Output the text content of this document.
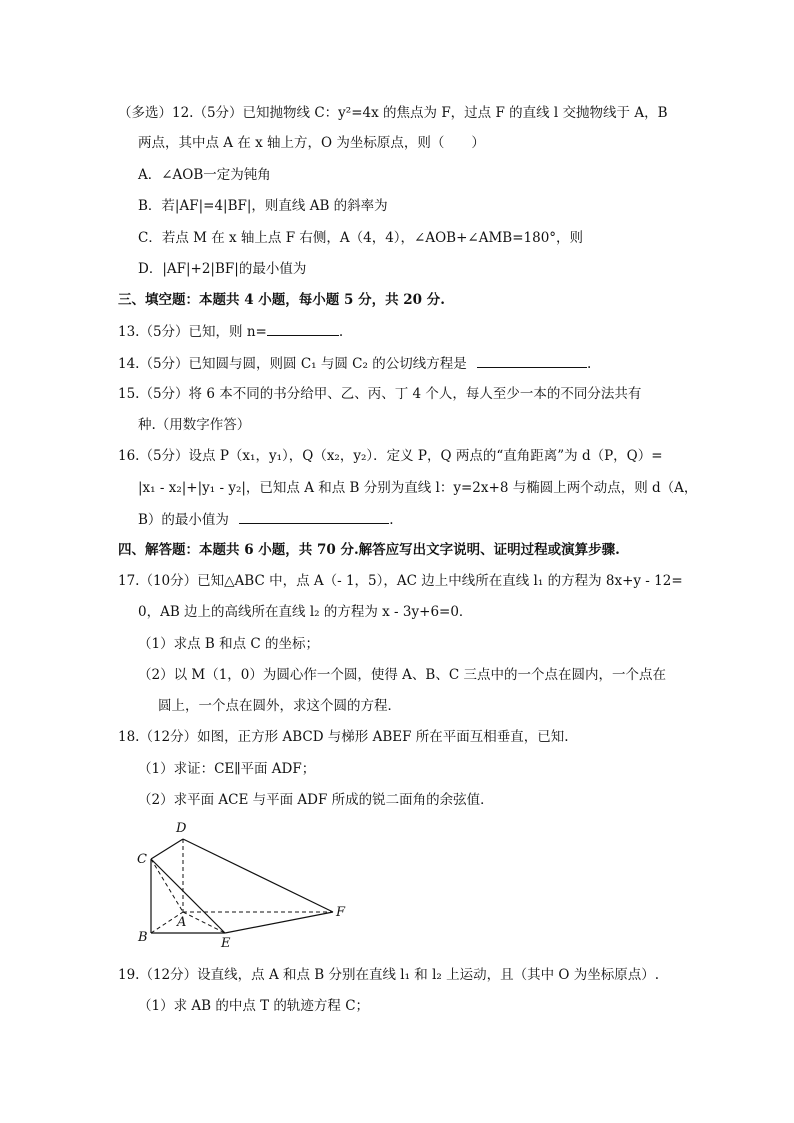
（多选）12.（5分）已知抛物线 C：y²=4x 的焦点为 F，过点 F 的直线 l 交抛物线于 A，B
两点，其中点 A 在 x 轴上方，O 为坐标原点，则（　　）
A．∠AOB一定为钝角
B．若|AF|=4|BF|，则直线 AB 的斜率为
C．若点 M 在 x 轴上点 F 右侧，A（4，4），∠AOB+∠AMB=180°，则
D．|AF|+2|BF|的最小值为
三、填空题：本题共 4 小题，每小题 5 分，共 20 分.
13.（5分）已知，则 n=	.
14.（5分）已知圆与圆，则圆 C₁ 与圆 C₂ 的公切线方程是	.
15.（5分）将 6 本不同的书分给甲、乙、丙、丁 4 个人，每人至少一本的不同分法共有
种.（用数字作答）
16.（5分）设点 P（x₁，y₁），Q（x₂，y₂）．定义 P，Q 两点的“直角距离”为 d（P，Q）=
|x₁ - x₂|+|y₁ - y₂|，已知点 A 和点 B 分别为直线 l：y=2x+8 与椭圆上两个动点，则 d（A，
B）的最小值为	.
四、解答题：本题共 6 小题，共 70 分.解答应写出文字说明、证明过程或演算步骤.
17.（10分）已知△ABC 中，点 A（- 1，5），AC 边上中线所在直线 l₁ 的方程为 8x+y - 12=
0，AB 边上的高线所在直线 l₂ 的方程为 x - 3y+6=0．
（1）求点 B 和点 C 的坐标；
（2）以 M（1，0）为圆心作一个圆，使得 A、B、C 三点中的一个点在圆内，一个点在
圆上，一个点在圆外，求这个圆的方程．
18.（12分）如图，正方形 ABCD 与梯形 ABEF 所在平面互相垂直，已知.
（1）求证：CE∥平面 ADF；
（2）求平面 ACE 与平面 ADF 所成的锐二面角的余弦值．
D
C
A
F
B	E
19.（12分）设直线，点 A 和点 B 分别在直线 l₁ 和 l₂ 上运动，且（其中 O 为坐标原点）.
（1）求 AB 的中点 T 的轨迹方程 C；
